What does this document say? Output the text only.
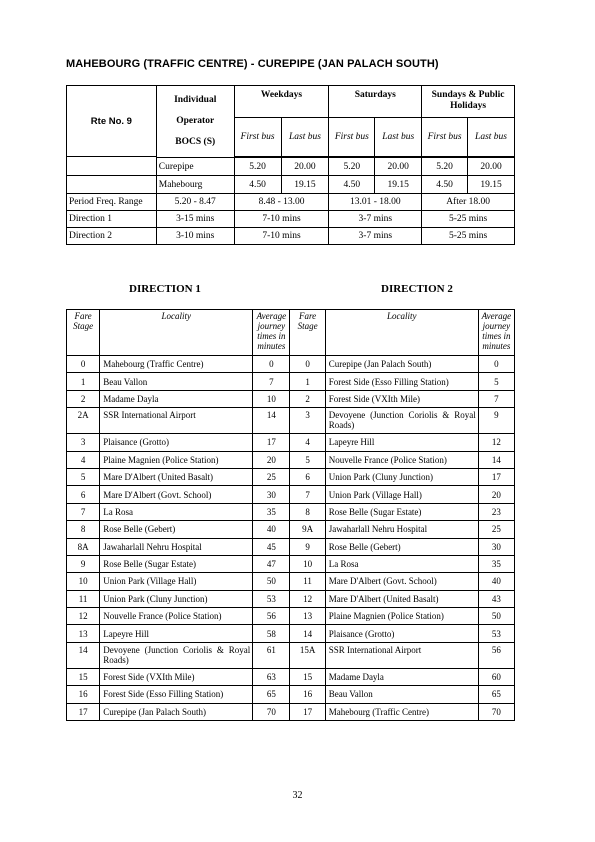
MAHEBOURG (TRAFFIC CENTRE) - CUREPIPE (JAN PALACH SOUTH)
Rte No. 9	Individual
Operator
BOCS (S)	Weekdays		Saturdays		Sundays & Public Holidays	
		First bus	Last bus	First bus	Last bus	First bus	Last bus

	Curepipe	5.20	20.00	5.20	20.00	5.20	20.00
	Mahebourg	4.50	19.15	4.50	19.15	4.50	19.15
Period Freq. Range	5.20 - 8.47	8.48 - 13.00		13.01 - 18.00		After 18.00	
Direction 1	3-15 mins	7-10 mins		3-7 mins		5-25 mins	
Direction 2	3-10 mins	7-10 mins		3-7 mins		5-25 mins	
DIRECTION 1	DIRECTION 2
Fare Stage	Locality	Average journey times in minutes	Fare Stage	Locality	Average journey times in minutes
0	Mahebourg (Traffic Centre)	0	0	Curepipe (Jan Palach South)	0
1	Beau Vallon	7	1	Forest Side (Esso Filling Station)	5
2	Madame Dayla	10	2	Forest Side (VXIth Mile)	7
2A	SSR International Airport	14	3	Devoyene (Junction Coriolis & Royal Roads)	9
3	Plaisance (Grotto)	17	4	Lapeyre Hill	12
4	Plaine Magnien (Police Station)	20	5	Nouvelle France (Police Station)	14
5	Mare D'Albert (United Basalt)	25	6	Union Park (Cluny Junction)	17
6	Mare D'Albert (Govt. School)	30	7	Union Park (Village Hall)	20
7	La Rosa	35	8	Rose Belle (Sugar Estate)	23
8	Rose Belle (Gebert)	40	9A	Jawaharlall Nehru Hospital	25
8A	Jawaharlall Nehru Hospital	45	9	Rose Belle (Gebert)	30
9	Rose Belle (Sugar Estate)	47	10	La Rosa	35
10	Union Park (Village Hall)	50	11	Mare D'Albert (Govt. School)	40
11	Union Park (Cluny Junction)	53	12	Mare D'Albert (United Basalt)	43
12	Nouvelle France (Police Station)	56	13	Plaine Magnien (Police Station)	50
13	Lapeyre Hill	58	14	Plaisance (Grotto)	53
14	Devoyene (Junction Coriolis & Royal Roads)	61	15A	SSR International Airport	56
15	Forest Side (VXIth Mile)	63	15	Madame Dayla	60
16	Forest Side (Esso Filling Station)	65	16	Beau Vallon	65
17	Curepipe (Jan Palach South)	70	17	Mahebourg (Traffic Centre)	70
32
